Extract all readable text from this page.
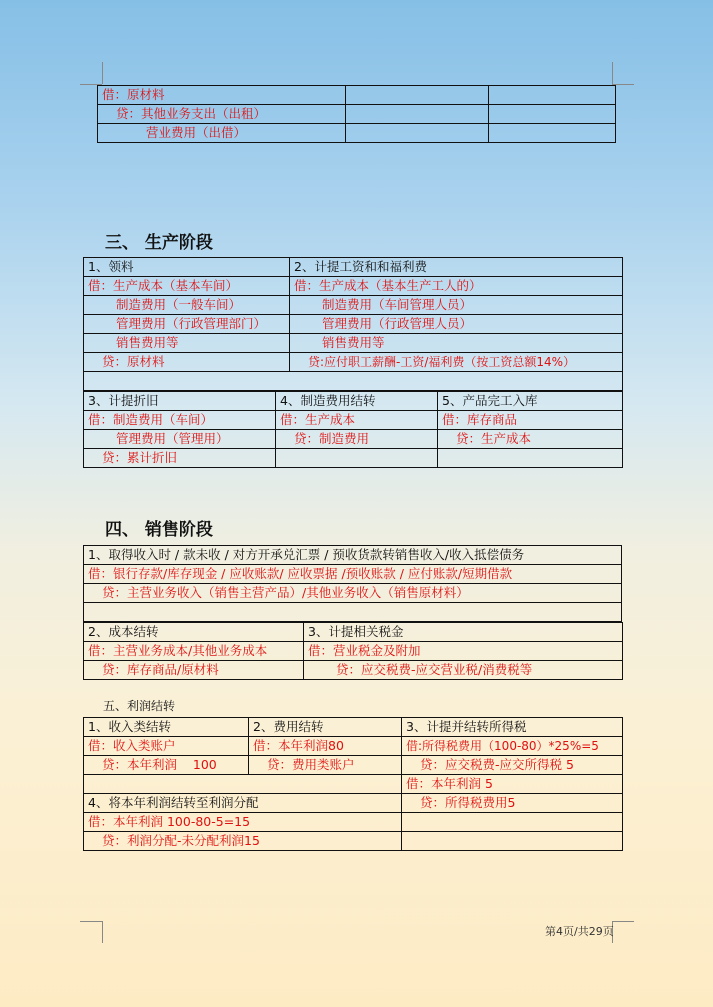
借：原材料		
贷：其他业务支出（出租）		
营业费用（出借）		
三、 生产阶段
1、领料	2、计提工资和和福利费
借：生产成本（基本车间）	借：生产成本（基本生产工人的）
制造费用（一般车间）	制造费用（车间管理人员）
管理费用（行政管理部门）	管理费用（行政管理人员）
销售费用等	销售费用等
贷：原材料	贷:应付职工薪酬-工资/福利费（按工资总额14%）

3、计提折旧	4、制造费用结转	5、产品完工入库
借：制造费用（车间）	借：生产成本	借：库存商品
管理费用（管理用）	贷：制造费用	贷：生产成本
贷：累计折旧		
四、 销售阶段
1、取得收入时 / 款未收 / 对方开承兑汇票 / 预收货款转销售收入/收入抵偿债务
借：银行存款/库存现金 / 应收账款/ 应收票据 /预收账款 / 应付账款/短期借款
贷：主营业务收入（销售主营产品）/其他业务收入（销售原材料）

2、成本结转	3、计提相关税金
借：主营业务成本/其他业务成本	借：营业税金及附加
贷：库存商品/原材料	贷：应交税费-应交营业税/消费税等
五、利润结转
1、收入类结转	2、费用结转	3、计提并结转所得税
借：收入类账户	借：本年利润80	借:所得税费用（100-80）*25%=5
贷：本年利润    100	贷：费用类账户	贷：应交税费-应交所得税 5
		借：本年利润 5
4、将本年利润结转至利润分配		贷：所得税费用5
借：本年利润 100-80-5=15		
贷：利润分配-未分配利润15		
第4页/共29页
